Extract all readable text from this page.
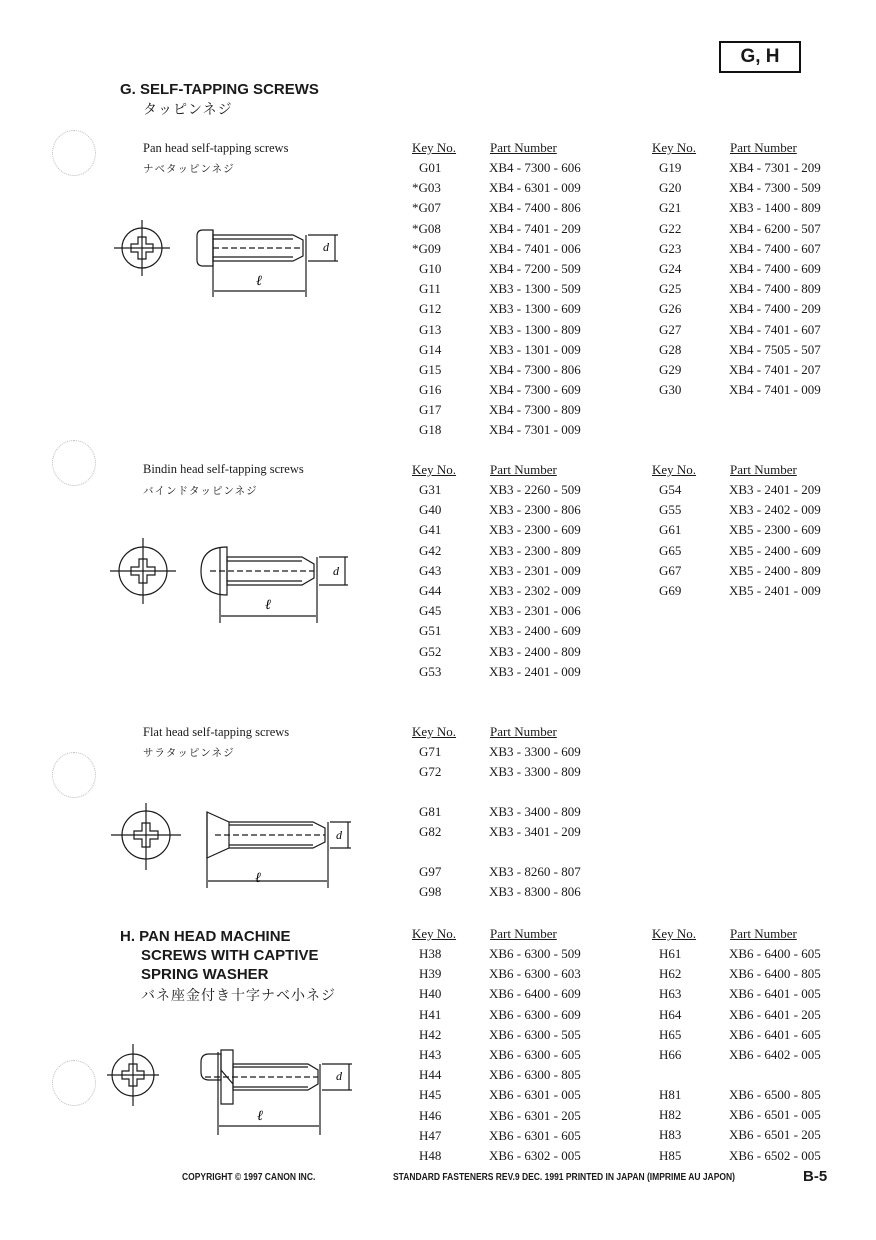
G, H
G. SELF-TAPPING SCREWS
タッピンネジ
Pan head self-tapping screws
ナベタッピンネジ
ℓ
d
Key No.	Part Number
G01	XB4 - 7300 - 606
*G03	XB4 - 6301 - 009
*G07	XB4 - 7400 - 806
*G08	XB4 - 7401 - 209
*G09	XB4 - 7401 - 006
G10	XB4 - 7200 - 509
G11	XB3 - 1300 - 509
G12	XB3 - 1300 - 609
G13	XB3 - 1300 - 809
G14	XB3 - 1301 - 009
G15	XB4 - 7300 - 806
G16	XB4 - 7300 - 609
G17	XB4 - 7300 - 809
G18	XB4 - 7301 - 009
Key No.	Part Number
G19	XB4 - 7301 - 209
G20	XB4 - 7300 - 509
G21	XB3 - 1400 - 809
G22	XB4 - 6200 - 507
G23	XB4 - 7400 - 607
G24	XB4 - 7400 - 609
G25	XB4 - 7400 - 809
G26	XB4 - 7400 - 209
G27	XB4 - 7401 - 607
G28	XB4 - 7505 - 507
G29	XB4 - 7401 - 207
G30	XB4 - 7401 - 009
Bindin head self-tapping screws
バインドタッピンネジ
ℓ
d
Key No.	Part Number
G31	XB3 - 2260 - 509
G40	XB3 - 2300 - 806
G41	XB3 - 2300 - 609
G42	XB3 - 2300 - 809
G43	XB3 - 2301 - 009
G44	XB3 - 2302 - 009
G45	XB3 - 2301 - 006
G51	XB3 - 2400 - 609
G52	XB3 - 2400 - 809
G53	XB3 - 2401 - 009
Key No.	Part Number
G54	XB3 - 2401 - 209
G55	XB3 - 2402 - 009
G61	XB5 - 2300 - 609
G65	XB5 - 2400 - 609
G67	XB5 - 2400 - 809
G69	XB5 - 2401 - 009
Flat head self-tapping screws
サラタッピンネジ
ℓ
d
Key No.	Part Number
G71	XB3 - 3300 - 609
G72	XB3 - 3300 - 809
G81	XB3 - 3400 - 809
G82	XB3 - 3401 - 209
G97	XB3 - 8260 - 807
G98	XB3 - 8300 - 806
H. PAN HEAD MACHINE
SCREWS WITH CAPTIVE
SPRING WASHER
バネ座金付き十字ナベ小ネジ
ℓ
d
Key No.	Part Number
H38	XB6 - 6300 - 509
H39	XB6 - 6300 - 603
H40	XB6 - 6400 - 609
H41	XB6 - 6300 - 609
H42	XB6 - 6300 - 505
H43	XB6 - 6300 - 605
H44	XB6 - 6300 - 805
H45	XB6 - 6301 - 005
H46	XB6 - 6301 - 205
H47	XB6 - 6301 - 605
H48	XB6 - 6302 - 005
Key No.	Part Number
H61	XB6 - 6400 - 605
H62	XB6 - 6400 - 805
H63	XB6 - 6401 - 005
H64	XB6 - 6401 - 205
H65	XB6 - 6401 - 605
H66	XB6 - 6402 - 005
H81	XB6 - 6500 - 805
H82	XB6 - 6501 - 005
H83	XB6 - 6501 - 205
H85	XB6 - 6502 - 005
COPYRIGHT © 1997 CANON INC.	STANDARD FASTENERS REV.9 DEC. 1991 PRINTED IN JAPAN (IMPRIME AU JAPON)	B-5
